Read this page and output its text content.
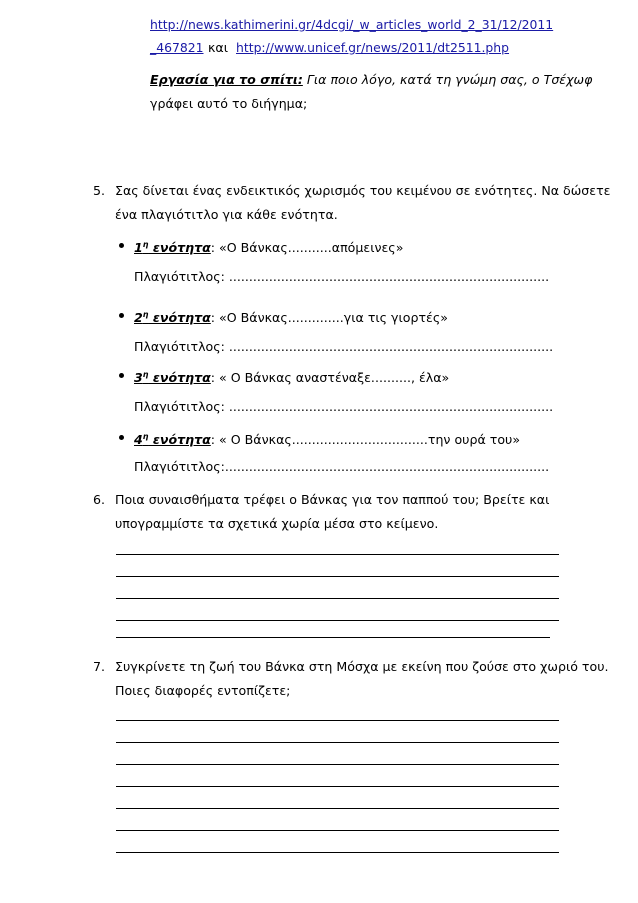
http://news.kathimerini.gr/4dcgi/_w_articles_world_2_31/12/2011
_467821 και http://www.unicef.gr/news/2011/dt2511.php
Εργασία για το σπίτι: Για ποιο λόγο, κατά τη γνώμη σας, ο Τσέχωφ
γράφει αυτό το διήγημα;
5. Σας δίνεται ένας ενδεικτικός χωρισμός του κειμένου σε ενότητες. Να δώσετε
ένα πλαγιότιτλο για κάθε ενότητα.
$1^\eta$ ενότητα: «Ο Βάνκας...........απόμεινες»
Πλαγιότιτλος: ................................................................................
$2^\eta$ ενότητα: «Ο Βάνκας..............για τις γιορτές»
Πλαγιότιτλος: .................................................................................
$3^\eta$ ενότητα: « Ο Βάνκας αναστέναξε.........., έλα»
Πλαγιότιτλος: .................................................................................
$4^\eta$ ενότητα: « Ο Βάνκας..................................την ουρά του»
Πλαγιότιτλος:.................................................................................
6. Ποια συναισθήματα τρέφει ο Βάνκας για τον παππού του; Βρείτε και
υπογραμμίστε τα σχετικά χωρία μέσα στο κείμενο.
7. Συγκρίνετε τη ζωή του Βάνκα στη Μόσχα με εκείνη που ζούσε στο χωριό του.
Ποιες διαφορές εντοπίζετε;
